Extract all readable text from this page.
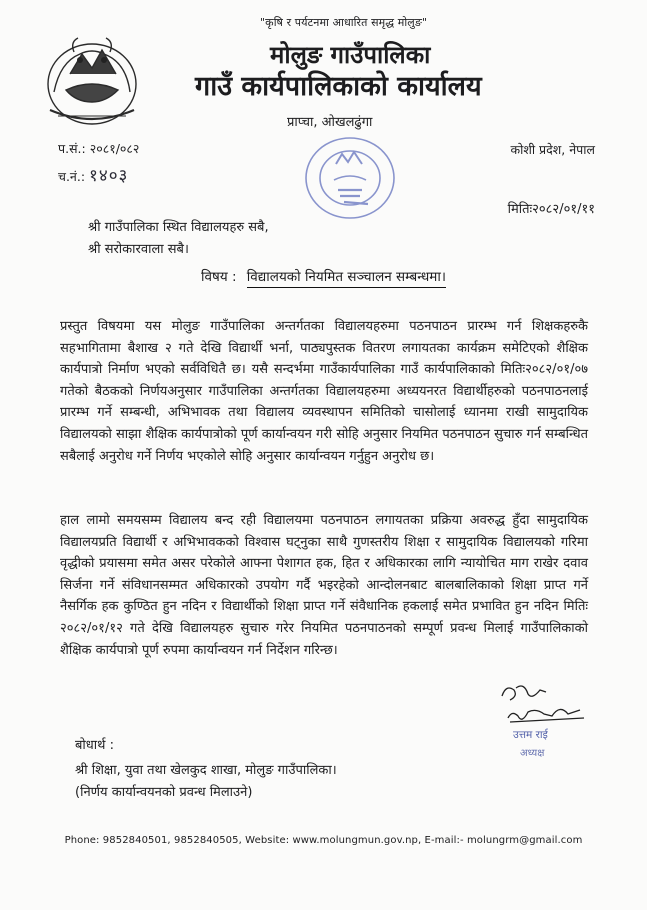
"कृषि र पर्यटनमा आधारित समृद्ध मोलुङ"
मोलुङ गाउँपालिका
गाउँ कार्यपालिकाको कार्यालय
प्राप्चा, ओखलढुंगा
प.सं.: २०८१/०८२
च.नं.: १४०३
कोशी प्रदेश, नेपाल
मितिः२०८२/०१/११
श्री गाउँपालिका स्थित विद्यालयहरु सबै,
श्री सरोकारवाला सबै।
विषय : विद्यालयको नियमित सञ्चालन सम्बन्धमा।

प्रस्तुत विषयमा यस मोलुङ गाउँपालिका अन्तर्गतका विद्यालयहरुमा पठनपाठन प्रारम्भ गर्न शिक्षकहरुकै सहभागितामा बैशाख २ गते देखि विद्यार्थी भर्ना, पाठ्यपुस्तक वितरण लगायतका कार्यक्रम समेटिएको शैक्षिक कार्यपात्रो निर्माण भएको सर्वविधितै छ। यसै सन्दर्भमा गाउँकार्यपालिका गाउँ कार्यपालिकाको मितिः२०८२/०१/०७ गतेको बैठकको निर्णयअनुसार गाउँपालिका अन्तर्गतका विद्यालयहरुमा अध्ययनरत विद्यार्थीहरुको पठनपाठनलाई प्रारम्भ गर्ने सम्बन्धी, अभिभावक तथा विद्यालय व्यवस्थापन समितिको चासोलाई ध्यानमा राखी सामुदायिक विद्यालयको साझा शैक्षिक कार्यपात्रोको पूर्ण कार्यान्वयन गरी सोहि अनुसार नियमित पठनपाठन सुचारु गर्न सम्बन्धित सबैलाई अनुरोध गर्ने निर्णय भएकोले सोहि अनुसार कार्यान्वयन गर्नुहुन अनुरोध छ।

हाल लामो समयसम्म विद्यालय बन्द रही विद्यालयमा पठनपाठन लगायतका प्रक्रिया अवरुद्ध हुँदा सामुदायिक विद्यालयप्रति विद्यार्थी र अभिभावकको विश्वास घट्नुका साथै गुणस्तरीय शिक्षा र सामुदायिक विद्यालयको गरिमा वृद्धीको प्रयासमा समेत असर परेकोले आफ्ना पेशागत हक, हित र अधिकारका लागि न्यायोचित माग राखेर दवाव सिर्जना गर्ने संविधानसम्मत अधिकारको उपयोग गर्दै भइरहेको आन्दोलनबाट बालबालिकाको शिक्षा प्राप्त गर्ने नैसर्गिक हक कुण्ठित हुन नदिन र विद्यार्थीको शिक्षा प्राप्त गर्ने संवैधानिक हकलाई समेत प्रभावित हुन नदिन मितिः २०८२/०१/१२ गते देखि विद्यालयहरु सुचारु गरेर नियमित पठनपाठनको सम्पूर्ण प्रवन्ध मिलाई गाउँपालिकाको शैक्षिक कार्यपात्रो पूर्ण रुपमा कार्यान्वयन गर्न निर्देशन गरिन्छ।

उत्तम राई
अध्यक्ष
बोधार्थ :
श्री शिक्षा, युवा तथा खेलकुद शाखा, मोलुङ गाउँपालिका।
(निर्णय कार्यान्वयनको प्रवन्ध मिलाउने)
Phone: 9852840501, 9852840505, Website: www.molungmun.gov.np, E-mail:- molungrm@gmail.com
